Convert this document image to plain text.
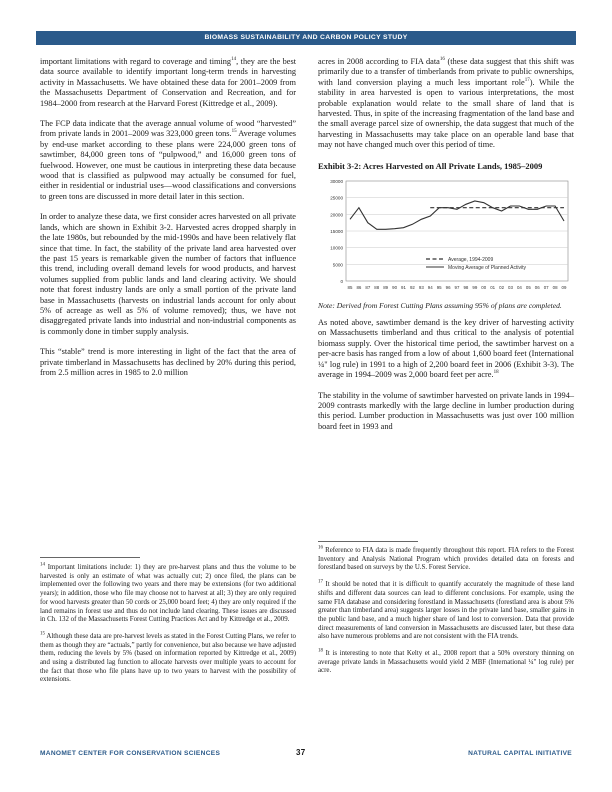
BIOMASS SUSTAINABILITY AND CARBON POLICY STUDY

important limitations with regard to coverage and timing$^{14}$, they are the best data source available to identify important long-term trends in harvesting activity in Massachusetts. We have obtained these data for 2001–2009 from the Massachusetts Department of Conservation and Recreation, and for 1984–2000 from research at the Harvard Forest (Kittredge et al., 2009).

The FCP data indicate that the average annual volume of wood “harvested” from private lands in 2001–2009 was 323,000 green tons.$^{15}$ Average volumes by end-use market according to these plans were 224,000 green tons of sawtimber, 84,000 green tons of “pulpwood,” and 16,000 green tons of fuelwood. However, one must be cautious in interpreting these data because wood that is classified as pulpwood may actually be consumed for fuel, either in residential or industrial uses—wood classifications and conversions to green tons are discussed in more detail later in this section.

In order to analyze these data, we first consider acres harvested on all private lands, which are shown in Exhibit 3-2. Harvested acres dropped sharply in the late 1980s, but rebounded by the mid-1990s and have been relatively flat since that time. In fact, the stability of the private land area harvested over the past 15 years is remarkable given the number of factors that influence this trend, including overall demand levels for wood products, and harvest volumes supplied from public lands and land clearing activity. We should note that forest industry lands are only a small portion of the private land base in Massachusetts (harvests on industrial lands account for only about 5% of acreage as well as 5% of volume removed); thus, we have not disaggregated private lands into industrial and non-industrial components as is commonly done in timber supply analysis.

This “stable” trend is more interesting in light of the fact that the area of private timberland in Massachusetts has declined by 20% during this period, from 2.5 million acres in 1985 to 2.0 million

acres in 2008 according to FIA data$^{16}$ (these data suggest that this shift was primarily due to a transfer of timberlands from private to public ownerships, with land conversion playing a much less important role$^{17}$). While the stability in area harvested is open to various interpretations, the most probable explanation would relate to the small share of land that is harvested. Thus, in spite of the increasing fragmentation of the land base and the small average parcel size of ownership, the data suggest that much of the harvesting in Massachusetts may take place on an operable land base that may not have changed much over this period of time.

Exhibit 3-2: Acres Harvested on All Private Lands, 1985–2009
0
5000
10000
15000
20000
25000
30000
85 86 87 88 89 90 91 92 93 94 95 96 97 98 99 00 01 02 03 04 05 06 07 08 09
Average, 1994-2009
Moving Average of Planned Activity
Note: Derived from Forest Cutting Plans assuming 95% of plans are completed.

As noted above, sawtimber demand is the key driver of harvesting activity on Massachusetts timberland and thus critical to the analysis of potential biomass supply. Over the historical time period, the sawtimber harvest on a per-acre basis has ranged from a low of about 1,600 board feet (International ¼" log rule) in 1991 to a high of 2,200 board feet in 2006 (Exhibit 3-3). The average in 1994–2009 was 2,000 board feet per acre.$^{18}$

The stability in the volume of sawtimber harvested on private lands in 1994–2009 contrasts markedly with the large decline in lumber production during this period. Lumber production in Massachusetts was just over 100 million board feet in 1993 and

$^{14}$ Important limitations include: 1) they are pre-harvest plans and thus the volume to be harvested is only an estimate of what was actually cut; 2) once filed, the plans can be implemented over the following two years and there may be extensions (for two additional years); in addition, those who file may choose not to harvest at all; 3) they are only required for wood harvests greater than 50 cords or 25,000 board feet; 4) they are only required if the land remains in forest use and thus do not include land clearing. These issues are discussed in Ch. 132 of the Massachusetts Forest Cutting Practices Act and by Kittredge et al., 2009.

$^{15}$ Although these data are pre-harvest levels as stated in the Forest Cutting Plans, we refer to them as though they are “actuals,” partly for convenience, but also because we have adjusted them, reducing the levels by 5% (based on information reported by Kittredge et al., 2009) and using a distributed lag function to allocate harvests over multiple years to account for the fact that those who file plans have up to two years to harvest with the possibility of extensions.

$^{16}$ Reference to FIA data is made frequently throughout this report. FIA refers to the Forest Inventory and Analysis National Program which provides detailed data on forests and forestland based on surveys by the U.S. Forest Service.

$^{17}$ It should be noted that it is difficult to quantify accurately the magnitude of these land shifts and different data sources can lead to different conclusions. For example, using the same FIA database and considering forestland in Massachusetts (forestland area is about 5% greater than timberland area) suggests larger losses in the private land base, smaller gains in the public land base, and a much higher share of land lost to conversion. Data that provide direct measurements of land conversion in Massachusetts are discussed later, but these data also have numerous problems and are not consistent with the FIA trends.

$^{18}$ It is interesting to note that Kelty et al., 2008 report that a 50% overstory thinning on average private lands in Massachusetts would yield 2 MBF (International ¼" log rule) per acre.

MANOMET CENTER FOR CONSERVATION SCIENCES	37	NATURAL CAPITAL INITIATIVE
